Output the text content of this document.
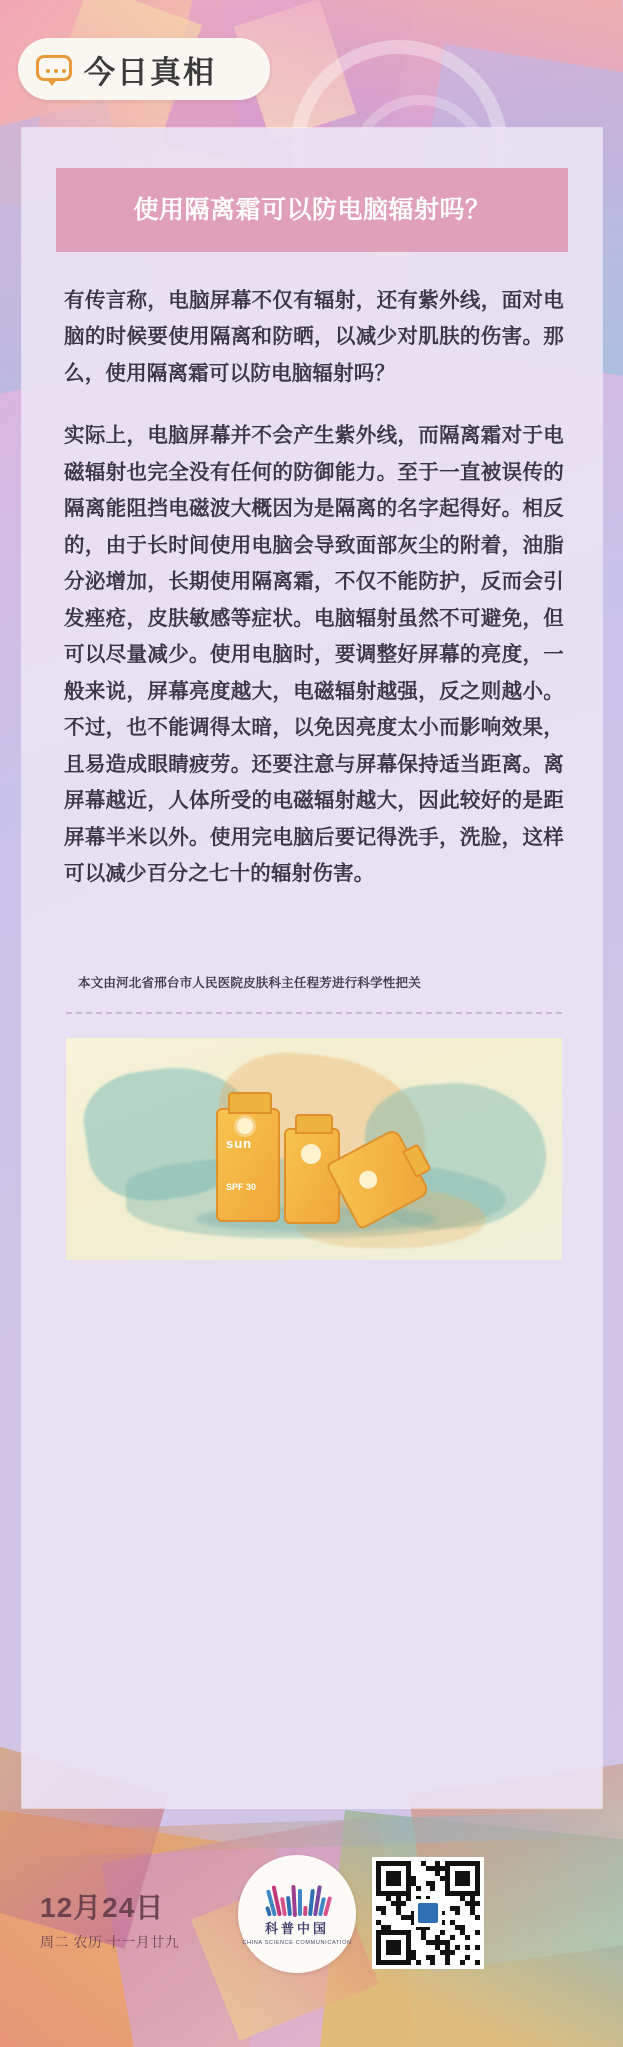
今日真相
使用隔离霜可以防电脑辐射吗？

有传言称，电脑屏幕不仅有辐射，还有紫外线，面对电脑的时候要使用隔离和防晒，以减少对肌肤的伤害。那么，使用隔离霜可以防电脑辐射吗？

实际上，电脑屏幕并不会产生紫外线，而隔离霜对于电磁辐射也完全没有任何的防御能力。至于一直被误传的隔离能阻挡电磁波大概因为是隔离的名字起得好。相反的，由于长时间使用电脑会导致面部灰尘的附着，油脂分泌增加，长期使用隔离霜，不仅不能防护，反而会引发痤疮，皮肤敏感等症状。电脑辐射虽然不可避免，但可以尽量减少。使用电脑时，要调整好屏幕的亮度，一般来说，屏幕亮度越大，电磁辐射越强，反之则越小。不过，也不能调得太暗，以免因亮度太小而影响效果，且易造成眼睛疲劳。还要注意与屏幕保持适当距离。离屏幕越近，人体所受的电磁辐射越大，因此较好的是距屏幕半米以外。使用完电脑后要记得洗手，洗脸，这样可以减少百分之七十的辐射伤害。

本文由河北省邢台市人民医院皮肤科主任程芳进行科学性把关
sun
SPF 30
12月24日
周二 农历 十一月廿九
科普中国
CHINA SCIENCE COMMUNICATION
